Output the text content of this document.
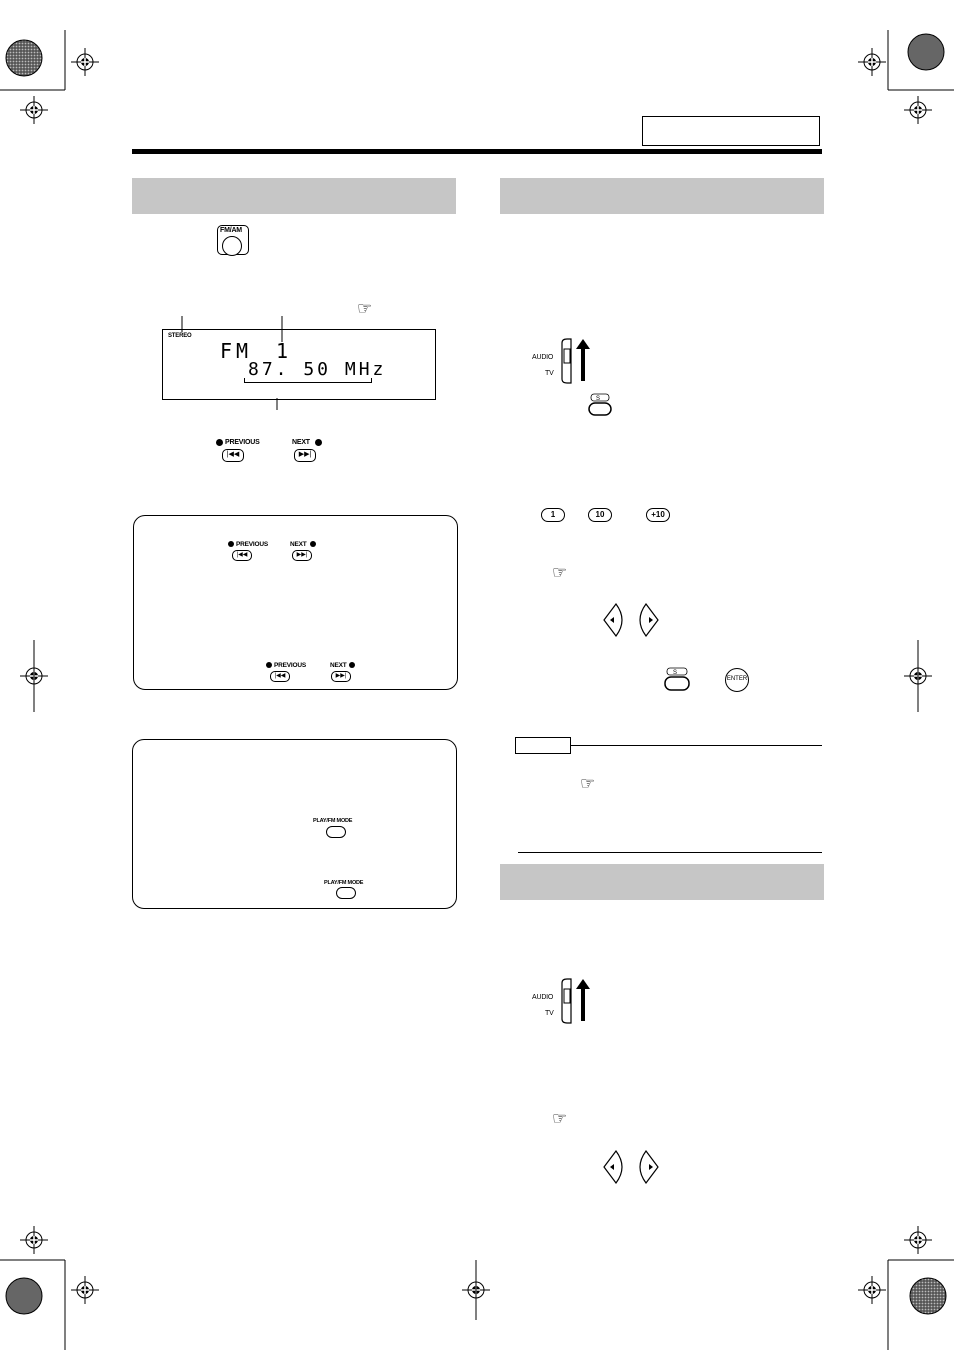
FM/AM
☞
STEREO
FM 1
87. 50 MHz
PREVIOUS
|◀◀
NEXT
▶▶|
PREVIOUS
|◀◀
NEXT
▶▶|
PREVIOUS
|◀◀
NEXT
▶▶|
PLAY/FM MODE
PLAY/FM MODE
AUDIO
TV
S
1	10	+10
☞
S
ENTER
☞
AUDIO
TV
☞
